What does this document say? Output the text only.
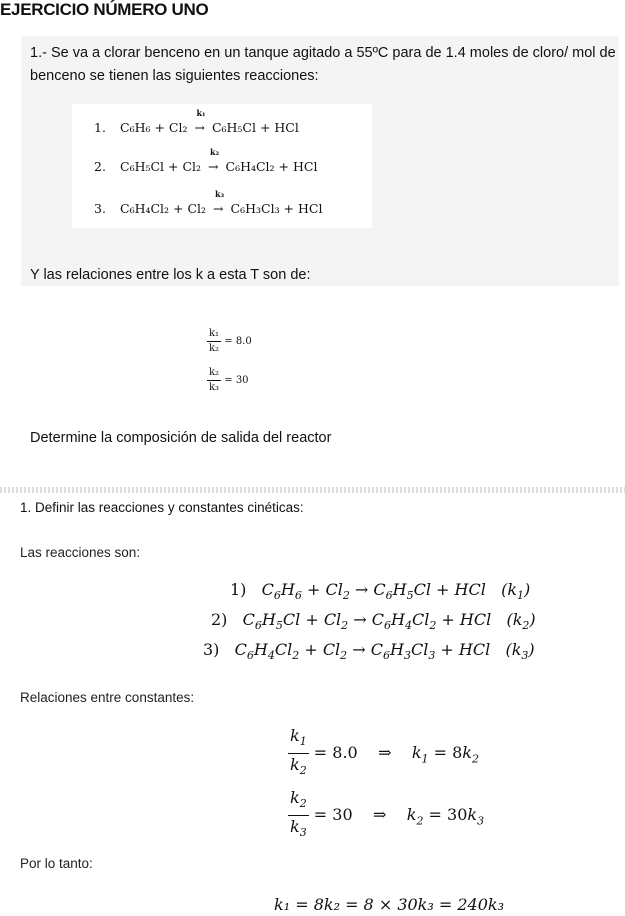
EJERCICIO NÚMERO UNO
1.- Se va a clorar benceno en un tanque agitado a 55ºC para de 1.4 moles de cloro/ mol de benceno se tienen las siguientes reacciones:
1. C₆H₆ + Cl₂
k₁
→ C₆H₅Cl + HCl
2. C₆H₅Cl + Cl₂
k₂
→ C₆H₄Cl₂ + HCl
3. C₆H₄Cl₂ + Cl₂
k₃
→ C₆H₃Cl₃ + HCl
Y las relaciones entre los k a esta T son de:
$\frac{\text{k₁}}{\text{k₂}} = 8.0$
$\frac{\text{k₂}}{\text{k₃}} = 30$
Determine la composición de salida del reactor
1. Definir las reacciones y constantes cinéticas:
Las reacciones son:
1)   $C_6H_6 + Cl_2 \to C_6H_5Cl$ + HCl   $(k_1)$
2)   $C_6H_5Cl + Cl_2 \to C_6H_4Cl_2$ + HCl   $(k_2)$
3)   $C_6H_4Cl_2 + Cl_2 \to C_6H_3Cl_3$ + HCl   $(k_3)$
Relaciones entre constantes:
$\frac{k_1}{k_2} = 8.0$    ⇒    $k_1 = 8k_2$
$\frac{k_2}{k_3} = 30$    ⇒    $k_2 = 30k_3$
Por lo tanto:
k₁ = 8k₂ = 8 × 30k₃ = 240k₃
